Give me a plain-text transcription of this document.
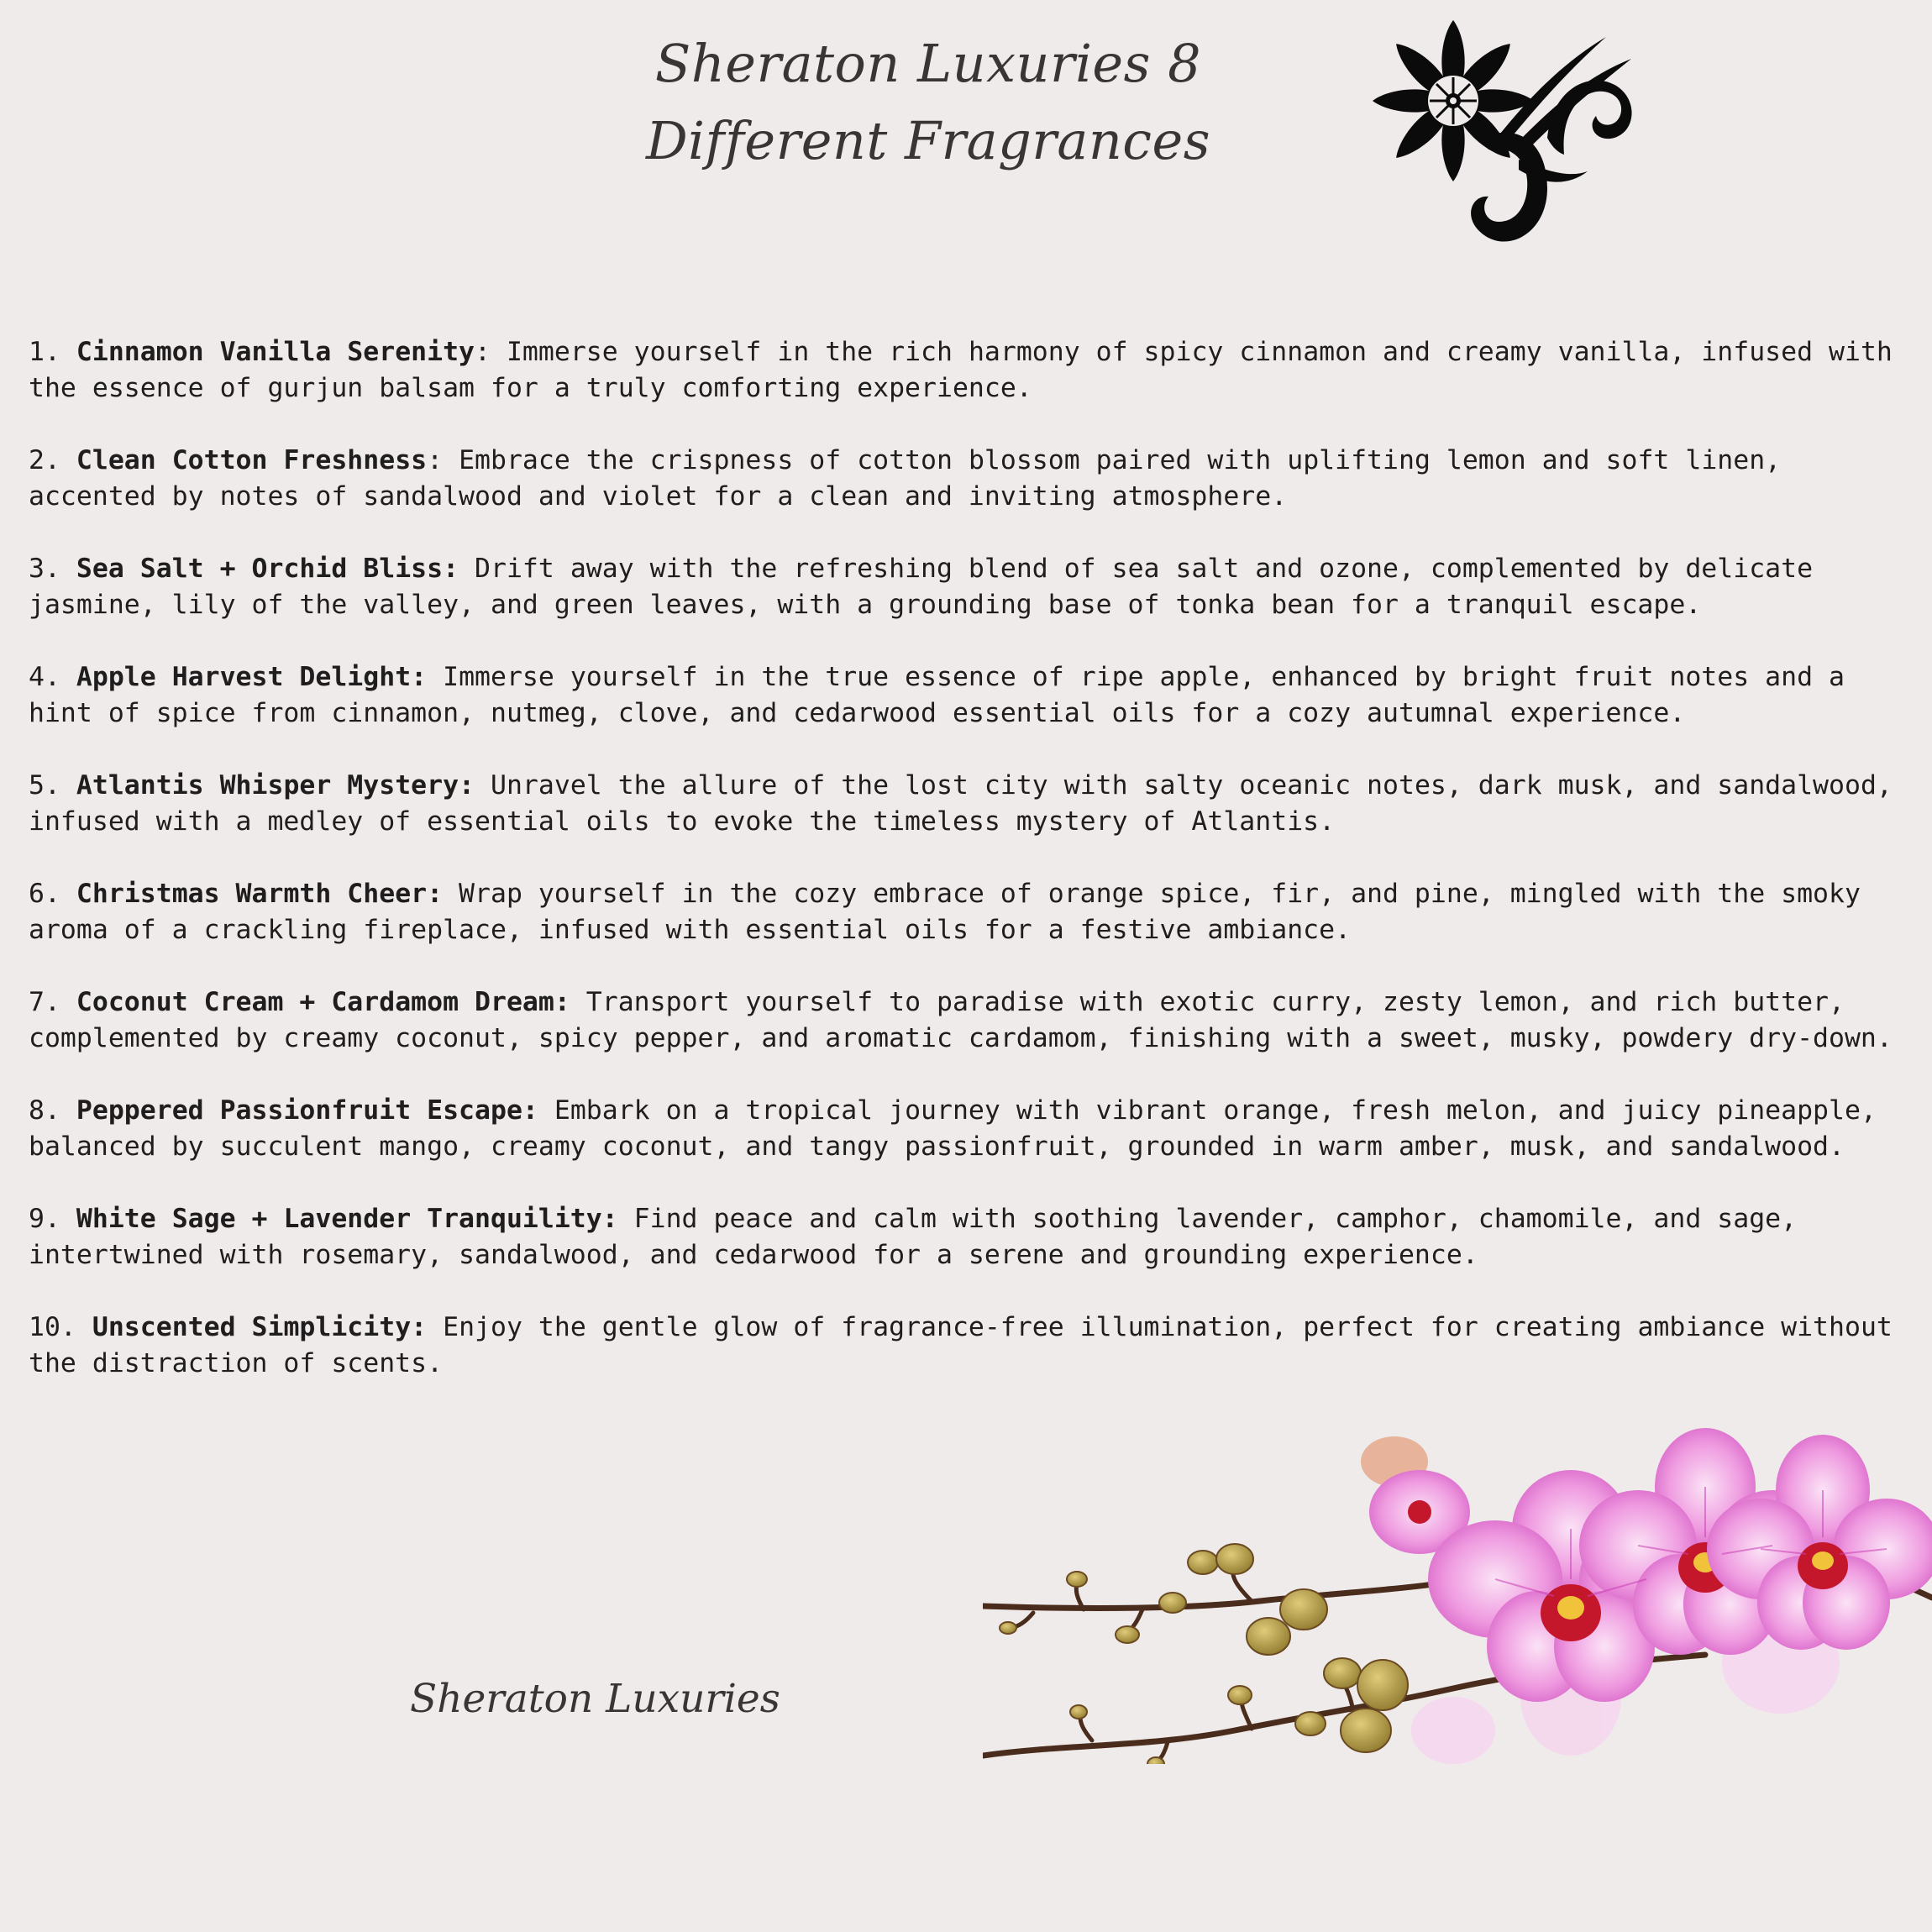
Sheraton Luxuries 8
Different Fragrances
1. Cinnamon Vanilla Serenity: Immerse yourself in the rich harmony of spicy cinnamon and creamy vanilla, infused with the essence of gurjun balsam for a truly comforting experience.
2. Clean Cotton Freshness: Embrace the crispness of cotton blossom paired with uplifting lemon and soft linen, accented by notes of sandalwood and violet for a clean and inviting atmosphere.
3. Sea Salt + Orchid Bliss: Drift away with the refreshing blend of sea salt and ozone, complemented by delicate jasmine, lily of the valley, and green leaves, with a grounding base of tonka bean for a tranquil escape.
4. Apple Harvest Delight: Immerse yourself in the true essence of ripe apple, enhanced by bright fruit notes and a hint of spice from cinnamon, nutmeg, clove, and cedarwood essential oils for a cozy autumnal experience.
5. Atlantis Whisper Mystery: Unravel the allure of the lost city with salty oceanic notes, dark musk, and sandalwood, infused with a medley of essential oils to evoke the timeless mystery of Atlantis.
6. Christmas Warmth Cheer: Wrap yourself in the cozy embrace of orange spice, fir, and pine, mingled with the smoky aroma of a crackling fireplace, infused with essential oils for a festive ambiance.
7. Coconut Cream + Cardamom Dream: Transport yourself to paradise with exotic curry, zesty lemon, and rich butter, complemented by creamy coconut, spicy pepper, and aromatic cardamom, finishing with a sweet, musky, powdery dry-down.
8. Peppered Passionfruit Escape: Embark on a tropical journey with vibrant orange, fresh melon, and juicy pineapple, balanced by succulent mango, creamy coconut, and tangy passionfruit, grounded in warm amber, musk, and sandalwood.
9. White Sage + Lavender Tranquility: Find peace and calm with soothing lavender, camphor, chamomile, and sage, intertwined with rosemary, sandalwood, and cedarwood for a serene and grounding experience.
10. Unscented Simplicity: Enjoy the gentle glow of fragrance-free illumination, perfect for creating ambiance without the distraction of scents.
Sheraton Luxuries
